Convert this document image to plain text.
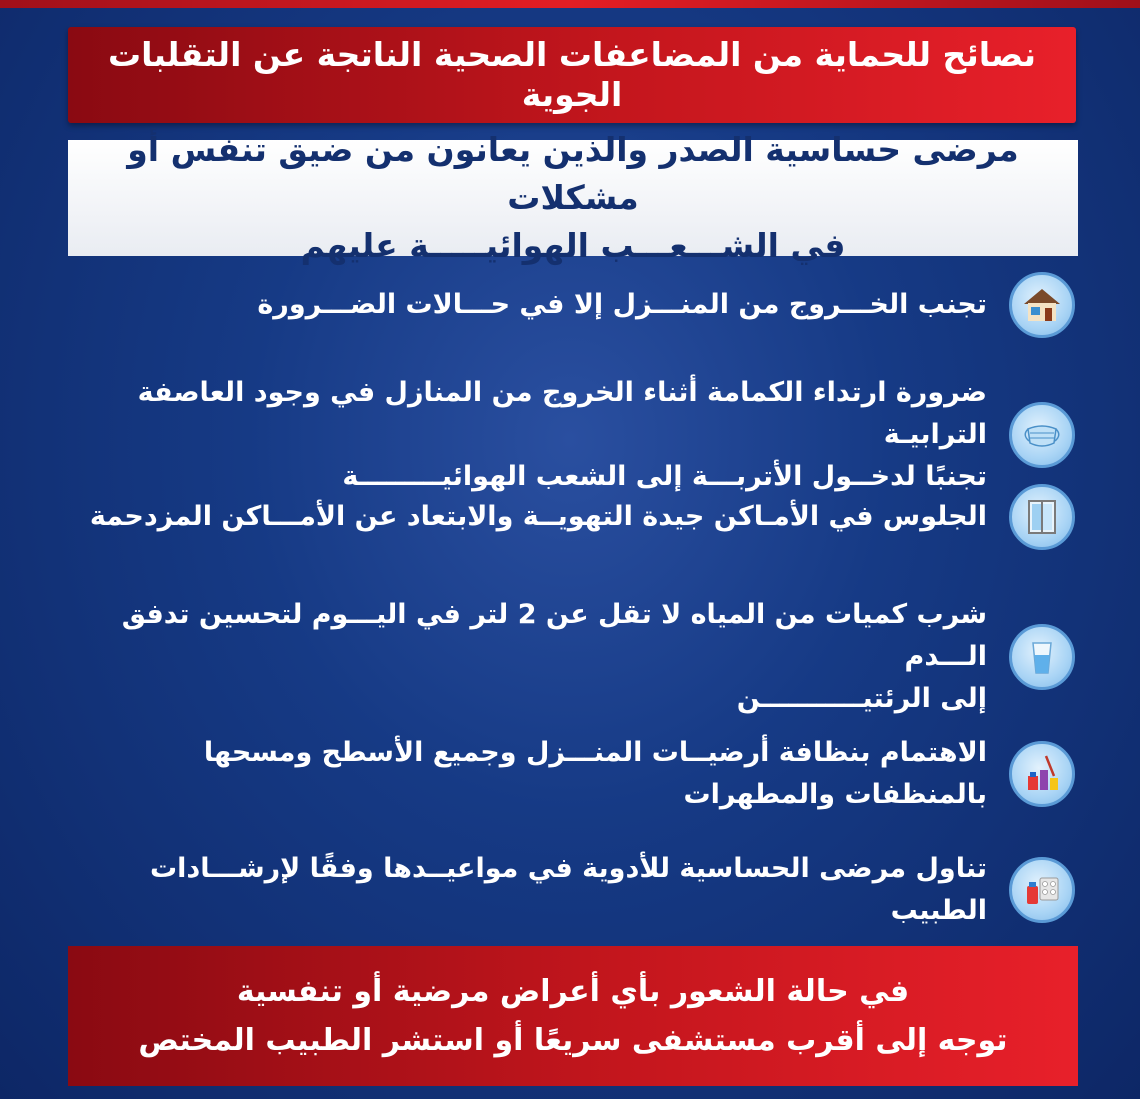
نصائح للحماية من المضاعفات الصحية الناتجة عن التقلبات الجوية
مرضى حساسية الصدر والذين يعانون من ضيق تنفس أو مشكلات
في الشـــعـــب الهوائيـــــة عليهم
تجنب الخـــروج من المنـــزل إلا في حـــالات الضـــرورة
ضرورة ارتداء الكمامة أثناء الخروج من المنازل في وجود العاصفة الترابيـة
تجنبًا لدخــول الأتربـــة إلى الشعب الهوائيـــــــــة
الجلوس في الأمـاكن جيدة التهويــة والابتعاد عن الأمـــاكن المزدحمة
شرب كميات من المياه لا تقل عن 2 لتر في اليـــوم لتحسين تدفق الـــدم
إلى الرئتيـــــــــــن
الاهتمام بنظافة أرضيــات المنـــزل وجميع الأسطح ومسحها
بالمنظفات والمطهرات
تناول مرضى الحساسية للأدوية في مواعيــدها وفقًا لإرشـــادات الطبيب
في حالة الشعور بأي أعراض مرضية أو تنفسية
توجه إلى أقرب مستشفى سريعًا أو استشر الطبيب المختص
